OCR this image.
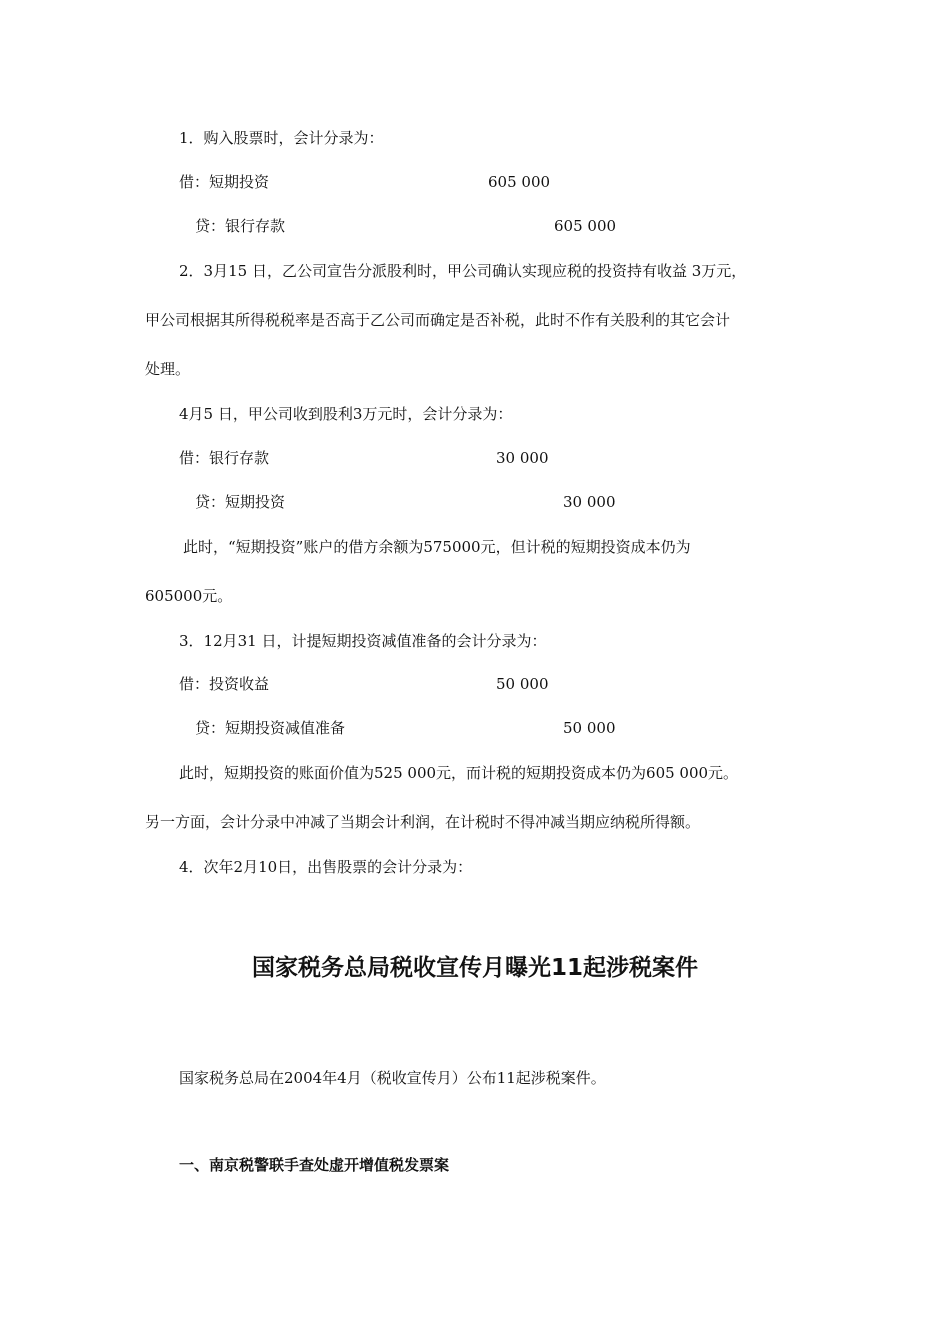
1．购入股票时，会计分录为：
借：短期投资	605 000
贷：银行存款	605 000
2．3月15 日，乙公司宣告分派股利时，甲公司确认实现应税的投资持有收益 3万元，
甲公司根据其所得税税率是否高于乙公司而确定是否补税，此时不作有关股利的其它会计
处理。
4月5 日，甲公司收到股利3万元时，会计分录为：
借：银行存款	30 000
贷：短期投资	30 000
此时，“短期投资”账户的借方余额为575000元，但计税的短期投资成本仍为
605000元。
3．12月31 日，计提短期投资减值准备的会计分录为：
借：投资收益	50 000
贷：短期投资减值准备	50 000
此时，短期投资的账面价值为525 000元，而计税的短期投资成本仍为605 000元。
另一方面，会计分录中冲减了当期会计利润，在计税时不得冲减当期应纳税所得额。
4．次年2月10日，出售股票的会计分录为：
国家税务总局税收宣传月曝光11起涉税案件
国家税务总局在2004年4月（税收宣传月）公布11起涉税案件。
一、南京税警联手查处虚开增值税发票案
